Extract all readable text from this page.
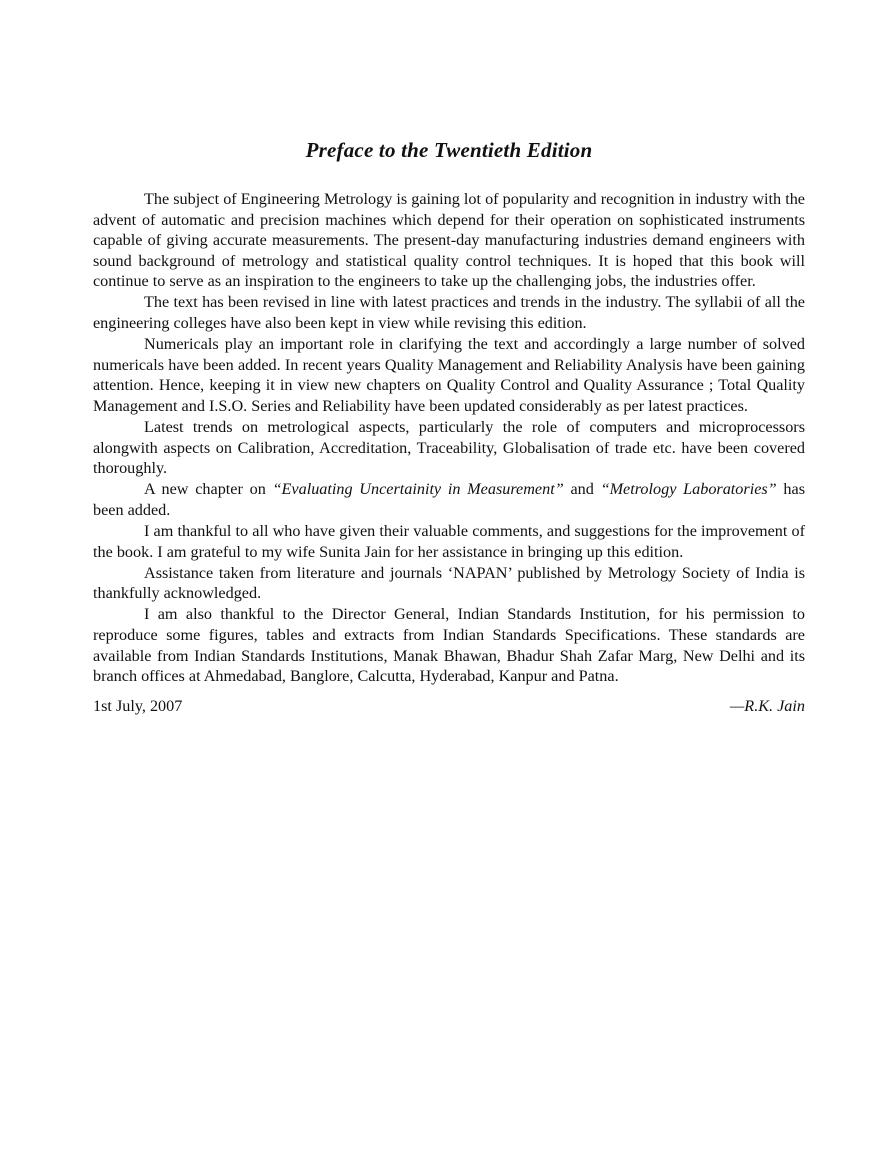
Preface to the Twentieth Edition

The subject of Engineering Metrology is gaining lot of popularity and recognition in industry with the advent of automatic and precision machines which depend for their operation on sophisticated instruments capable of giving accurate measurements. The present-day manufacturing industries demand engineers with sound background of metrology and statistical quality control techniques. It is hoped that this book will continue to serve as an inspiration to the engineers to take up the challenging jobs, the industries offer.

The text has been revised in line with latest practices and trends in the industry. The syllabii of all the engineering colleges have also been kept in view while revising this edition.

Numericals play an important role in clarifying the text and accordingly a large number of solved numericals have been added. In recent years Quality Management and Reliability Analysis have been gaining attention. Hence, keeping it in view new chapters on Quality Control and Quality Assurance ; Total Quality Management and I.S.O. Series and Reliability have been updated considerably as per latest practices.

Latest trends on metrological aspects, particularly the role of computers and microprocessors alongwith aspects on Calibration, Accreditation, Traceability, Globalisation of trade etc. have been covered thoroughly.

A new chapter on “Evaluating Uncertainity in Measurement” and “Metrology Laboratories” has been added.

I am thankful to all who have given their valuable comments, and suggestions for the improvement of the book. I am grateful to my wife Sunita Jain for her assistance in bringing up this edition.

Assistance taken from literature and journals ‘NAPAN’ published by Metrology Society of India is thankfully acknowledged.

I am also thankful to the Director General, Indian Standards Institution, for his permission to reproduce some figures, tables and extracts from Indian Standards Specifications. These standards are available from Indian Standards Institutions, Manak Bhawan, Bhadur Shah Zafar Marg, New Delhi and its branch offices at Ahmedabad, Banglore, Calcutta, Hyderabad, Kanpur and Patna.

1st July, 2007	—R.K. Jain
